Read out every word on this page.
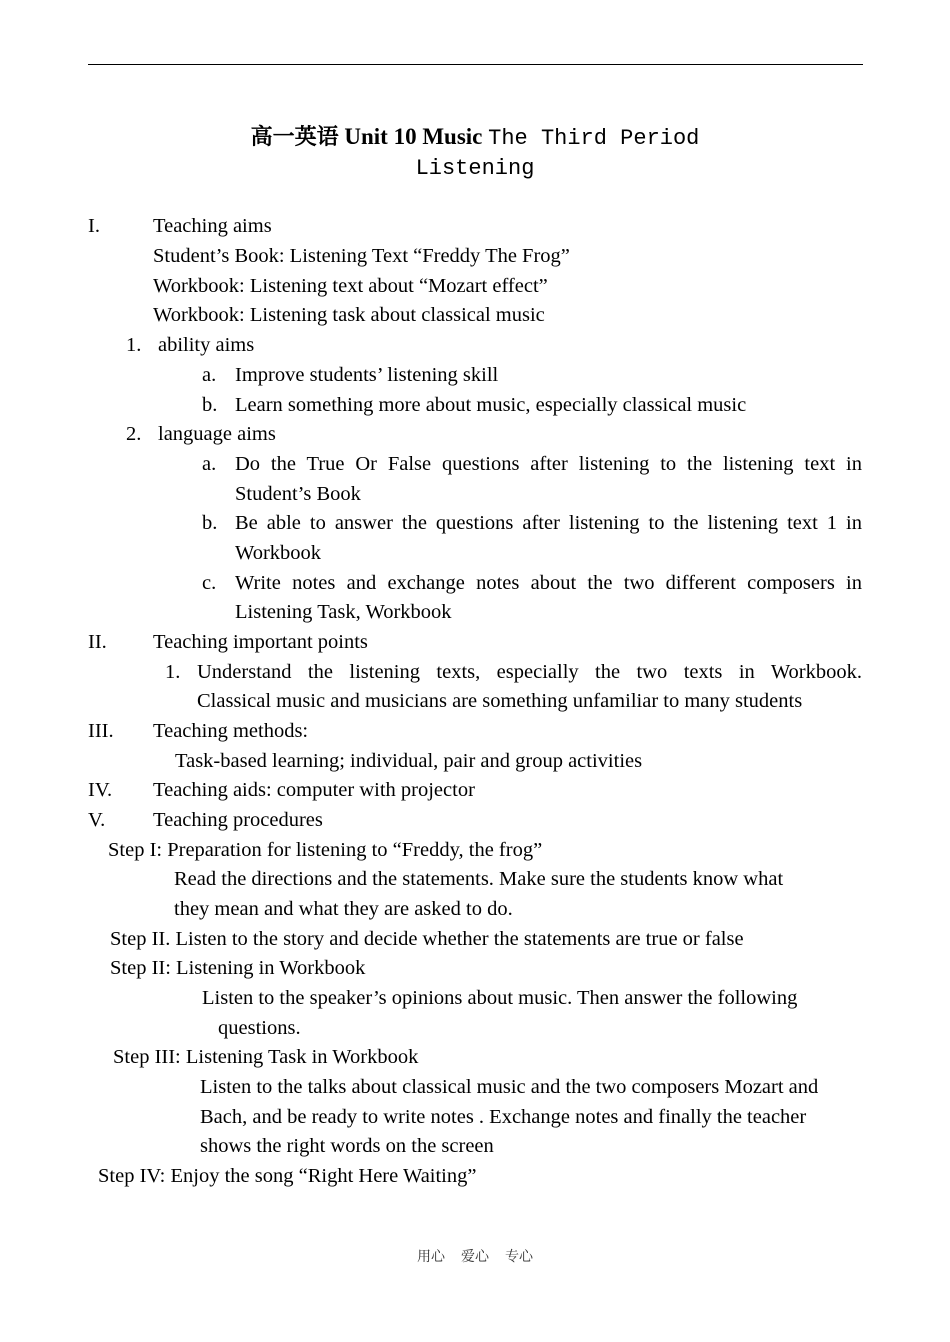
高一英语 Unit 10 Music The Third Period
Listening
I.	Teaching aims
Student’s Book: Listening Text “Freddy The Frog”
Workbook: Listening text about “Mozart effect”
Workbook: Listening task about classical music
1. ability aims
a. Improve students’ listening skill
b. Learn something more about music, especially classical music
2. language aims
a. Do the True Or False questions after listening to the listening text in
Student’s Book
b. Be able to answer the questions after listening to the listening text 1 in
Workbook
c. Write notes and exchange notes about the two different composers in
Listening Task, Workbook
II. Teaching important points
1. Understand the listening texts, especially the two texts in Workbook.
Classical music and musicians are something unfamiliar to many students
III. Teaching methods:
Task-based learning; individual, pair and group activities
IV. Teaching aids: computer with projector
V. Teaching procedures
Step I: Preparation for listening to “Freddy, the frog”
Read the directions and the statements. Make sure the students know what
they mean and what they are asked to do.
Step II. Listen to the story and decide whether the statements are true or false
Step II: Listening in Workbook
Listen to the speaker’s opinions about music. Then answer the following
questions.
Step III: Listening Task in Workbook
Listen to the talks about classical music and the two composers Mozart and
Bach, and be ready to write notes . Exchange notes and finally the teacher
shows the right words on the screen
Step IV: Enjoy the song “Right Here Waiting”
用心 爱心 专心
